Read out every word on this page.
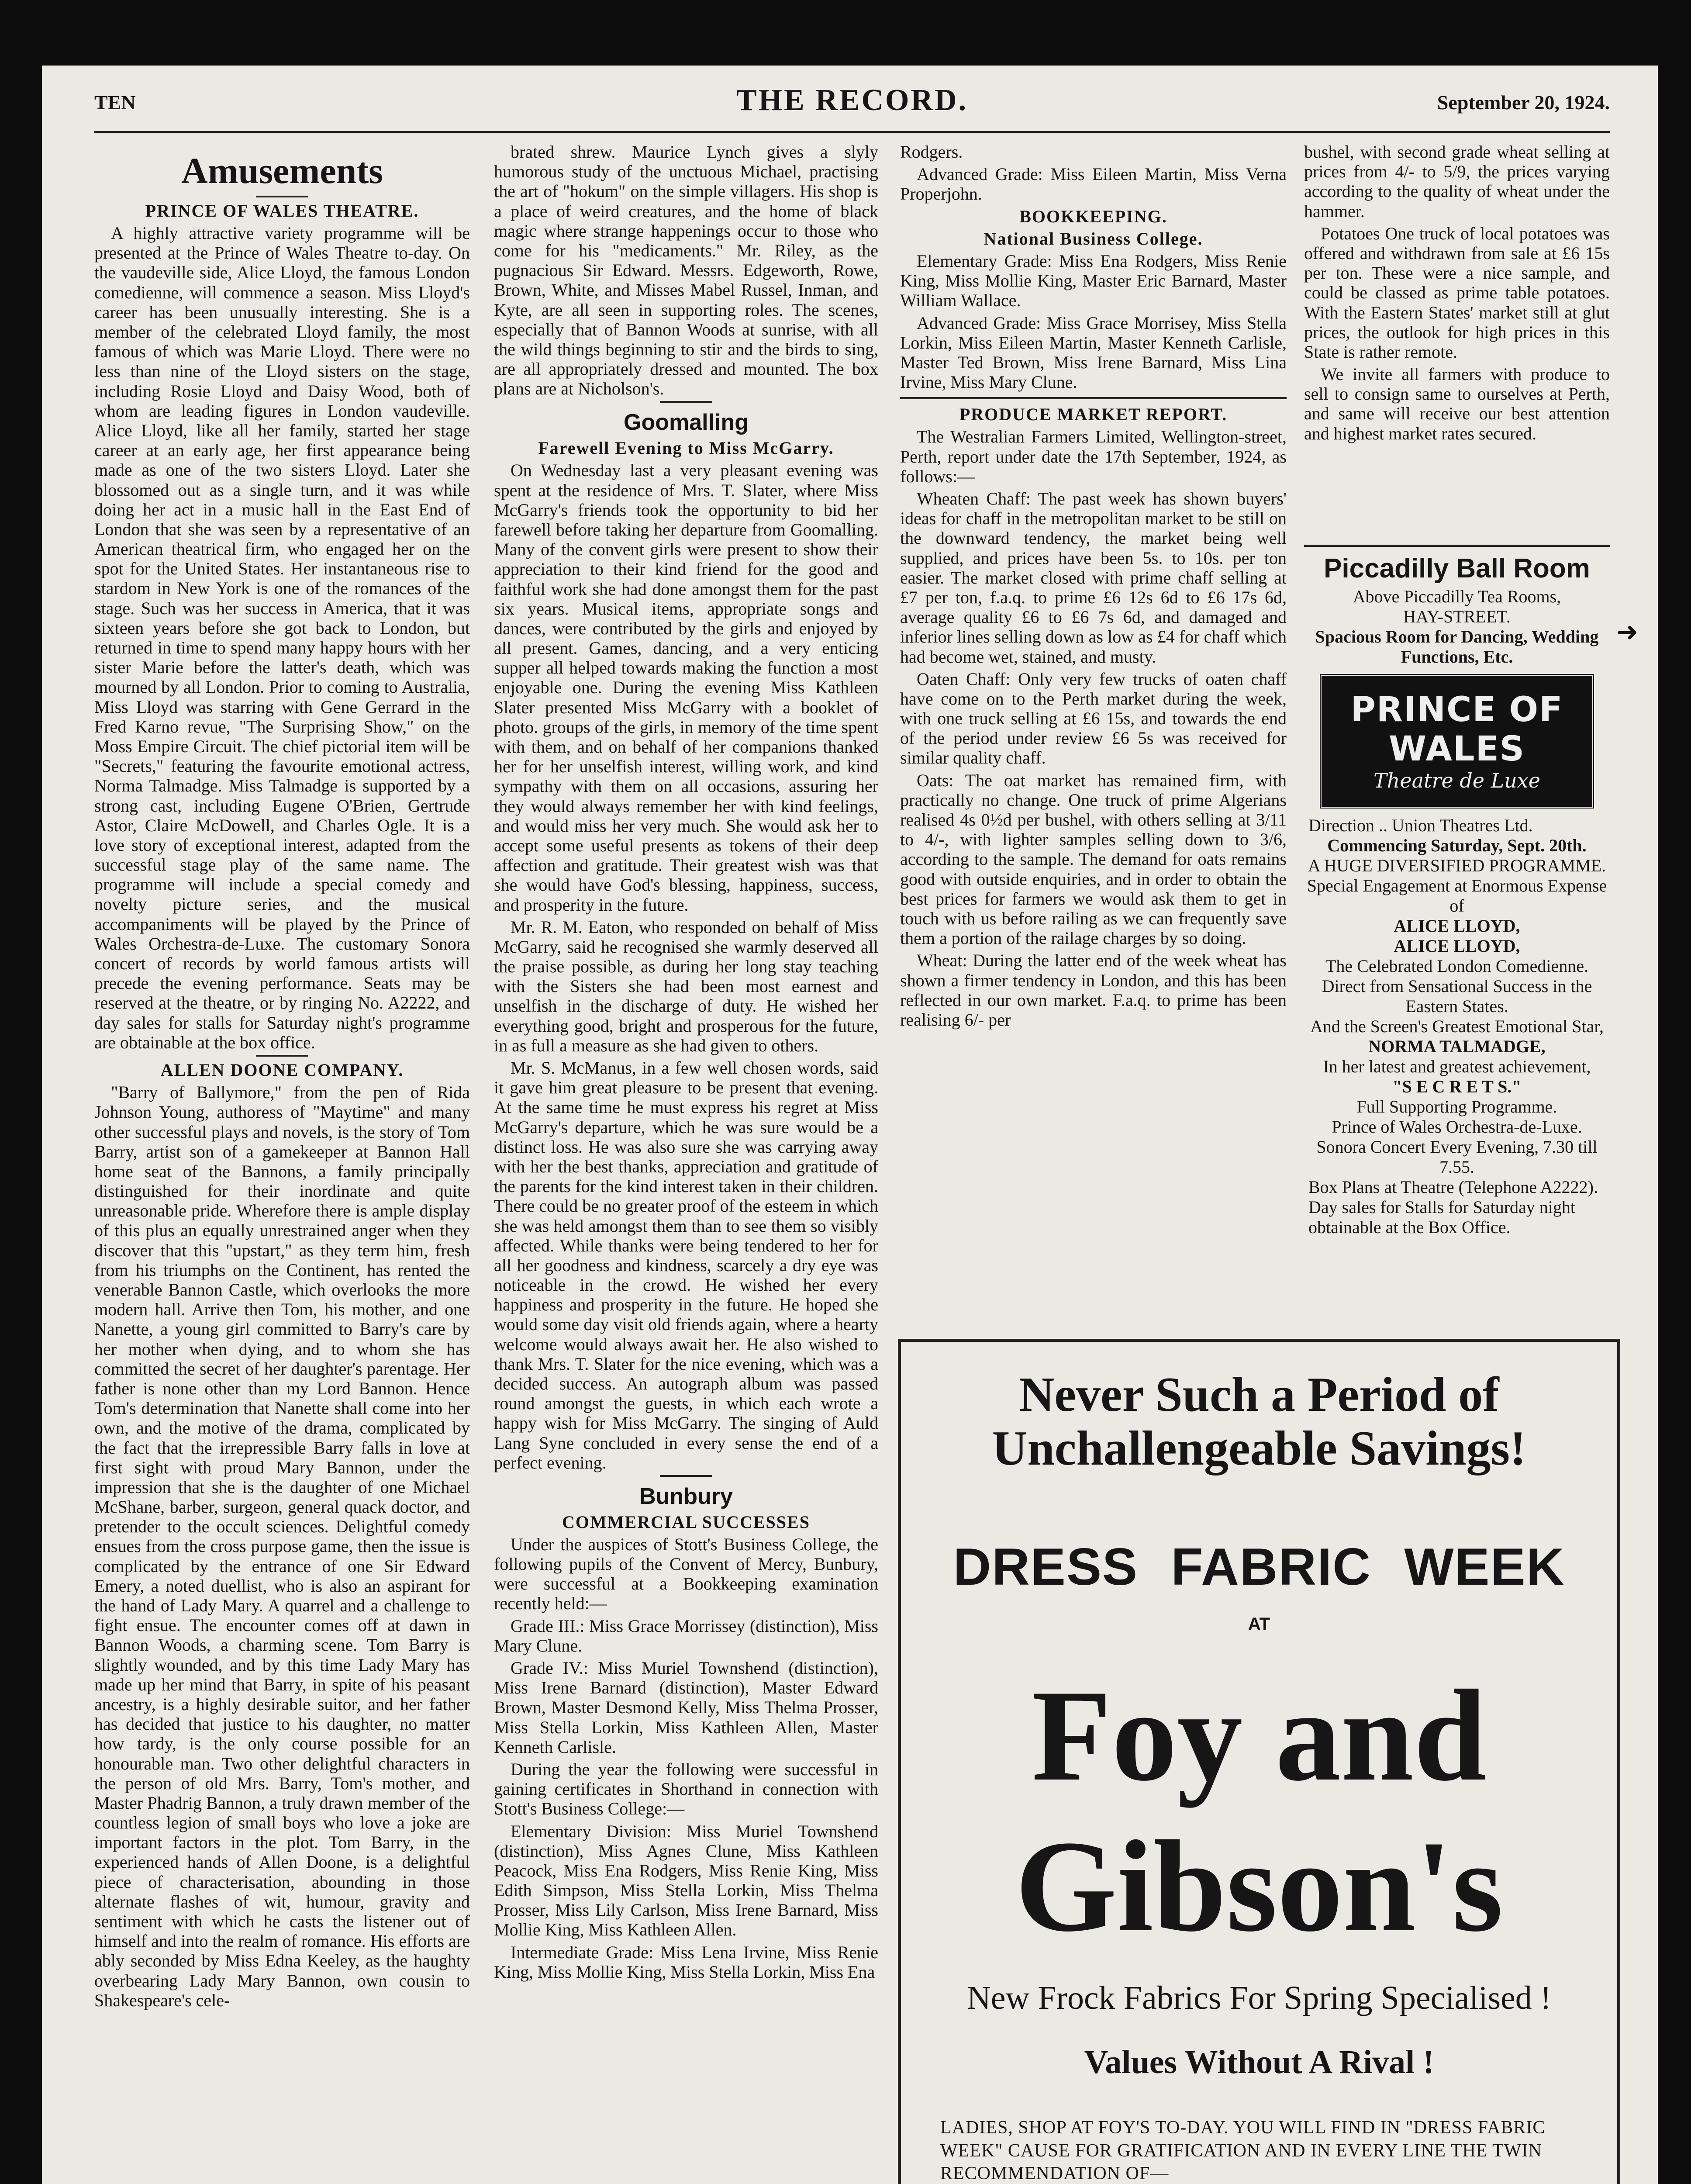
TEN	THE RECORD.	September 20, 1924.
Amusements

PRINCE OF WALES THEATRE.

A highly attractive variety programme will be presented at the Prince of Wales Theatre to-day. On the vaudeville side, Alice Lloyd, the famous London comedienne, will commence a season. Miss Lloyd's career has been unusually interesting. She is a member of the celebrated Lloyd family, the most famous of which was Marie Lloyd. There were no less than nine of the Lloyd sisters on the stage, including Rosie Lloyd and Daisy Wood, both of whom are leading figures in London vaudeville. Alice Lloyd, like all her family, started her stage career at an early age, her first appearance being made as one of the two sisters Lloyd. Later she blossomed out as a single turn, and it was while doing her act in a music hall in the East End of London that she was seen by a representative of an American theatrical firm, who engaged her on the spot for the United States. Her instantaneous rise to stardom in New York is one of the romances of the stage. Such was her success in America, that it was sixteen years before she got back to London, but returned in time to spend many happy hours with her sister Marie before the latter's death, which was mourned by all London. Prior to coming to Australia, Miss Lloyd was starring with Gene Gerrard in the Fred Karno revue, "The Surprising Show," on the Moss Empire Circuit. The chief pictorial item will be "Secrets," featuring the favourite emotional actress, Norma Talmadge. Miss Talmadge is supported by a strong cast, including Eugene O'Brien, Gertrude Astor, Claire McDowell, and Charles Ogle. It is a love story of exceptional interest, adapted from the successful stage play of the same name. The programme will include a special comedy and novelty picture series, and the musical accompaniments will be played by the Prince of Wales Orchestra-de-Luxe. The customary Sonora concert of records by world famous artists will precede the evening performance. Seats may be reserved at the theatre, or by ringing No. A2222, and day sales for stalls for Saturday night's programme are obtainable at the box office.

ALLEN DOONE COMPANY.

"Barry of Ballymore," from the pen of Rida Johnson Young, authoress of "Maytime" and many other successful plays and novels, is the story of Tom Barry, artist son of a gamekeeper at Bannon Hall home seat of the Bannons, a family principally distinguished for their inordinate and quite unreasonable pride. Wherefore there is ample display of this plus an equally unrestrained anger when they discover that this "upstart," as they term him, fresh from his triumphs on the Continent, has rented the venerable Bannon Castle, which overlooks the more modern hall. Arrive then Tom, his mother, and one Nanette, a young girl committed to Barry's care by her mother when dying, and to whom she has committed the secret of her daughter's parentage. Her father is none other than my Lord Bannon. Hence Tom's determination that Nanette shall come into her own, and the motive of the drama, complicated by the fact that the irrepressible Barry falls in love at first sight with proud Mary Bannon, under the impression that she is the daughter of one Michael McShane, barber, surgeon, general quack doctor, and pretender to the occult sciences. Delightful comedy ensues from the cross purpose game, then the issue is complicated by the entrance of one Sir Edward Emery, a noted duellist, who is also an aspirant for the hand of Lady Mary. A quarrel and a challenge to fight ensue. The encounter comes off at dawn in Bannon Woods, a charming scene. Tom Barry is slightly wounded, and by this time Lady Mary has made up her mind that Barry, in spite of his peasant ancestry, is a highly desirable suitor, and her father has decided that justice to his daughter, no matter how tardy, is the only course possible for an honourable man. Two other delightful characters in the person of old Mrs. Barry, Tom's mother, and Master Phadrig Bannon, a truly drawn member of the countless legion of small boys who love a joke are important factors in the plot. Tom Barry, in the experienced hands of Allen Doone, is a delightful piece of characterisation, abounding in those alternate flashes of wit, humour, gravity and sentiment with which he casts the listener out of himself and into the realm of romance. His efforts are ably seconded by Miss Edna Keeley, as the haughty overbearing Lady Mary Bannon, own cousin to Shakespeare's cele-

brated shrew. Maurice Lynch gives a slyly humorous study of the unctuous Michael, practising the art of "hokum" on the simple villagers. His shop is a place of weird creatures, and the home of black magic where strange happenings occur to those who come for his "medicaments." Mr. Riley, as the pugnacious Sir Edward. Messrs. Edgeworth, Rowe, Brown, White, and Misses Mabel Russel, Inman, and Kyte, are all seen in supporting roles. The scenes, especially that of Bannon Woods at sunrise, with all the wild things beginning to stir and the birds to sing, are all appropriately dressed and mounted. The box plans are at Nicholson's.

Goomalling

Farewell Evening to Miss McGarry.

On Wednesday last a very pleasant evening was spent at the residence of Mrs. T. Slater, where Miss McGarry's friends took the opportunity to bid her farewell before taking her departure from Goomalling. Many of the convent girls were present to show their appreciation to their kind friend for the good and faithful work she had done amongst them for the past six years. Musical items, appropriate songs and dances, were contributed by the girls and enjoyed by all present. Games, dancing, and a very enticing supper all helped towards making the function a most enjoyable one. During the evening Miss Kathleen Slater presented Miss McGarry with a booklet of photo. groups of the girls, in memory of the time spent with them, and on behalf of her companions thanked her for her unselfish interest, willing work, and kind sympathy with them on all occasions, assuring her they would always remember her with kind feelings, and would miss her very much. She would ask her to accept some useful presents as tokens of their deep affection and gratitude. Their greatest wish was that she would have God's blessing, happiness, success, and prosperity in the future.

Mr. R. M. Eaton, who responded on behalf of Miss McGarry, said he recognised she warmly deserved all the praise possible, as during her long stay teaching with the Sisters she had been most earnest and unselfish in the discharge of duty. He wished her everything good, bright and prosperous for the future, in as full a measure as she had given to others.

Mr. S. McManus, in a few well chosen words, said it gave him great pleasure to be present that evening. At the same time he must express his regret at Miss McGarry's departure, which he was sure would be a distinct loss. He was also sure she was carrying away with her the best thanks, appreciation and gratitude of the parents for the kind interest taken in their children. There could be no greater proof of the esteem in which she was held amongst them than to see them so visibly affected. While thanks were being tendered to her for all her goodness and kindness, scarcely a dry eye was noticeable in the crowd. He wished her every happiness and prosperity in the future. He hoped she would some day visit old friends again, where a hearty welcome would always await her. He also wished to thank Mrs. T. Slater for the nice evening, which was a decided success. An autograph album was passed round amongst the guests, in which each wrote a happy wish for Miss McGarry. The singing of Auld Lang Syne concluded in every sense the end of a perfect evening.

Bunbury

COMMERCIAL SUCCESSES

Under the auspices of Stott's Business College, the following pupils of the Convent of Mercy, Bunbury, were successful at a Bookkeeping examination recently held:—

Grade III.: Miss Grace Morrissey (distinction), Miss Mary Clune.

Grade IV.: Miss Muriel Townshend (distinction), Miss Irene Barnard (distinction), Master Edward Brown, Master Desmond Kelly, Miss Thelma Prosser, Miss Stella Lorkin, Miss Kathleen Allen, Master Kenneth Carlisle.

During the year the following were successful in gaining certificates in Shorthand in connection with Stott's Business College:—

Elementary Division: Miss Muriel Townshend (distinction), Miss Agnes Clune, Miss Kathleen Peacock, Miss Ena Rodgers, Miss Renie King, Miss Edith Simpson, Miss Stella Lorkin, Miss Thelma Prosser, Miss Lily Carlson, Miss Irene Barnard, Miss Mollie King, Miss Kathleen Allen.

Intermediate Grade: Miss Lena Irvine, Miss Renie King, Miss Mollie King, Miss Stella Lorkin, Miss Ena

Rodgers.

Advanced Grade: Miss Eileen Martin, Miss Verna Properjohn.

BOOKKEEPING.

National Business College.

Elementary Grade: Miss Ena Rodgers, Miss Renie King, Miss Mollie King, Master Eric Barnard, Master William Wallace.

Advanced Grade: Miss Grace Morrisey, Miss Stella Lorkin, Miss Eileen Martin, Master Kenneth Carlisle, Master Ted Brown, Miss Irene Barnard, Miss Lina Irvine, Miss Mary Clune.

PRODUCE MARKET REPORT.

The Westralian Farmers Limited, Wellington-street, Perth, report under date the 17th September, 1924, as follows:—

Wheaten Chaff: The past week has shown buyers' ideas for chaff in the metropolitan market to be still on the downward tendency, the market being well supplied, and prices have been 5s. to 10s. per ton easier. The market closed with prime chaff selling at £7 per ton, f.a.q. to prime £6 12s 6d to £6 17s 6d, average quality £6 to £6 7s 6d, and damaged and inferior lines selling down as low as £4 for chaff which had become wet, stained, and musty.

Oaten Chaff: Only very few trucks of oaten chaff have come on to the Perth market during the week, with one truck selling at £6 15s, and towards the end of the period under review £6 5s was received for similar quality chaff.

Oats: The oat market has remained firm, with practically no change. One truck of prime Algerians realised 4s 0½d per bushel, with others selling at 3/11 to 4/-, with lighter samples selling down to 3/6, according to the sample. The demand for oats remains good with outside enquiries, and in order to obtain the best prices for farmers we would ask them to get in touch with us before railing as we can frequently save them a portion of the railage charges by so doing.

Wheat: During the latter end of the week wheat has shown a firmer tendency in London, and this has been reflected in our own market. F.a.q. to prime has been realising 6/- per

bushel, with second grade wheat selling at prices from 4/- to 5/9, the prices varying according to the quality of wheat under the hammer.

Potatoes One truck of local potatoes was offered and withdrawn from sale at £6 15s per ton. These were a nice sample, and could be classed as prime table potatoes. With the Eastern States' market still at glut prices, the outlook for high prices in this State is rather remote.

We invite all farmers with produce to sell to consign same to ourselves at Perth, and same will receive our best attention and highest market rates secured.

Piccadilly Ball Room
Above Piccadilly Tea Rooms,
HAY-STREET.
Spacious Room for Dancing, Wedding Functions, Etc.
PRINCE OF WALES
Theatre de Luxe
Direction .. Union Theatres Ltd.
Commencing Saturday, Sept. 20th.
A HUGE DIVERSIFIED PROGRAMME.
Special Engagement at Enormous Expense of
ALICE LLOYD,
ALICE LLOYD,
The Celebrated London Comedienne. Direct from Sensational Success in the Eastern States.
And the Screen's Greatest Emotional Star,
NORMA TALMADGE,
In her latest and greatest achievement,
"S E C R E T S."
Full Supporting Programme.
Prince of Wales Orchestra-de-Luxe.
Sonora Concert Every Evening, 7.30 till 7.55.
Box Plans at Theatre (Telephone A2222). Day sales for Stalls for Saturday night obtainable at the Box Office.
➜
Never Such a Period of Unchallengeable Savings!
DRESS FABRIC WEEK
AT
Foy and Gibson's
New Frock Fabrics For Spring Specialised !
Values Without A Rival !
LADIES, SHOP AT FOY'S TO-DAY. YOU WILL FIND IN "DRESS FABRIC WEEK" CAUSE FOR GRATIFICATION AND IN EVERY LINE THE TWIN RECOMMENDATION OF—
